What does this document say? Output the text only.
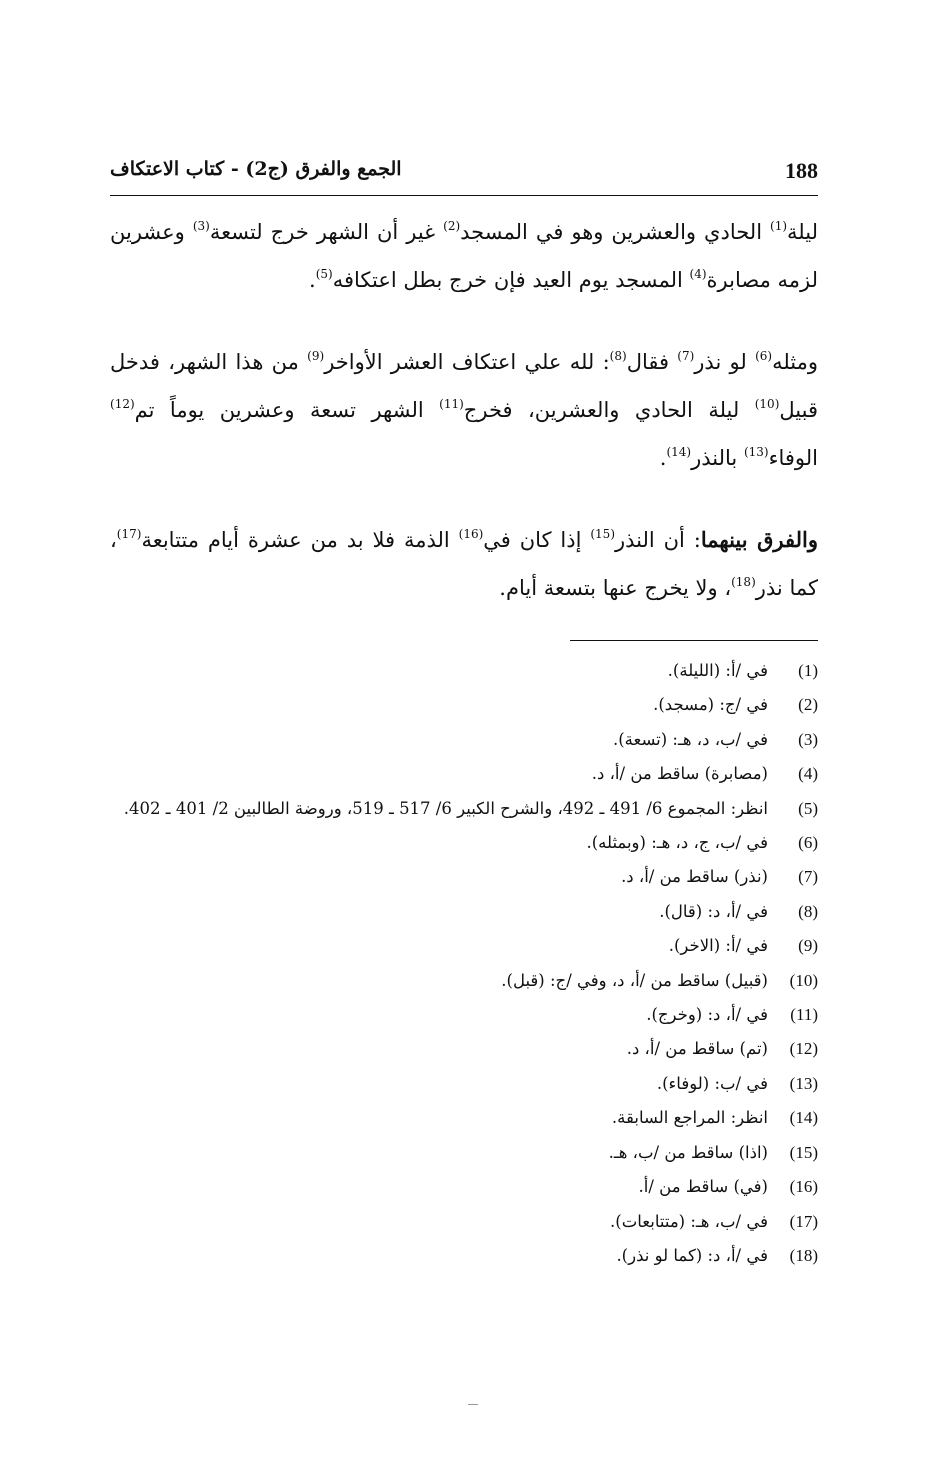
188
الجمع والفرق (ج2) - كتاب الاعتكاف

ليلة$^{(1)}$ الحادي والعشرين وهو في المسجد$^{(2)}$ غير أن الشهر خرج لتسعة$^{(3)}$ وعشرين لزمه مصابرة$^{(4)}$ المسجد يوم العيد فإن خرج بطل اعتكافه$^{(5)}$.

ومثله$^{(6)}$ لو نذر$^{(7)}$ فقال$^{(8)}$: لله علي اعتكاف العشر الأواخر$^{(9)}$ من هذا الشهر، فدخل قبيل$^{(10)}$ ليلة الحادي والعشرين، فخرج$^{(11)}$ الشهر تسعة وعشرين يوماً تم$^{(12)}$ الوفاء$^{(13)}$ بالنذر$^{(14)}$.

والفرق بينهما: أن النذر$^{(15)}$ إذا كان في$^{(16)}$ الذمة فلا بد من عشرة أيام متتابعة$^{(17)}$، كما نذر$^{(18)}$، ولا يخرج عنها بتسعة أيام.

(1)
في /أ: (الليلة).
(2)
في /ج: (مسجد).
(3)
في /ب، د، هـ: (تسعة).
(4)
(مصابرة) ساقط من /أ، د.
(5)
انظر: المجموع 6/ 491 ـ 492، والشرح الكبير 6/ 517 ـ 519، وروضة الطالبين 2/ 401 ـ 402.
(6)
في /ب، ج، د، هـ: (وبمثله).
(7)
(نذر) ساقط من /أ، د.
(8)
في /أ، د: (قال).
(9)
في /أ: (الاخر).
(10)
(قبيل) ساقط من /أ، د، وفي /ج: (قبل).
(11)
في /أ، د: (وخرج).
(12)
(تم) ساقط من /أ، د.
(13)
في /ب: (لوفاء).
(14)
انظر: المراجع السابقة.
(15)
(اذا) ساقط من /ب، هـ.
(16)
(في) ساقط من /أ.
(17)
في /ب، هـ: (متتابعات).
(18)
في /أ، د: (كما لو نذر).
